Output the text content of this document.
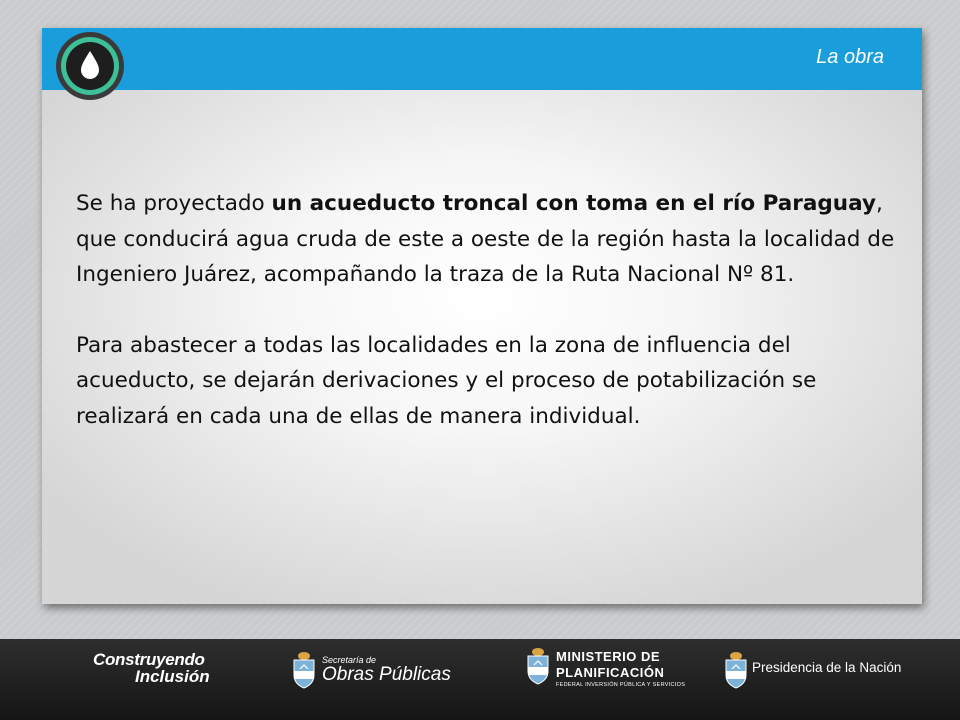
La obra

Se ha proyectado un acueducto troncal con toma en el río Paraguay, que conducirá agua cruda de este a oeste de la región hasta la localidad de Ingeniero Juárez, acompañando la traza de la Ruta Nacional Nº 81.

Para abastecer a todas las localidades en la zona de influencia del acueducto, se dejarán derivaciones y el proceso de potabilización se realizará en cada una de ellas de manera individual.

Construyendo
Inclusión
Secretaría de
Obras Públicas
MINISTERIO DE
PLANIFICACIÓN
FEDERAL INVERSIÓN PÚBLICA Y SERVICIOS
Presidencia de la Nación
